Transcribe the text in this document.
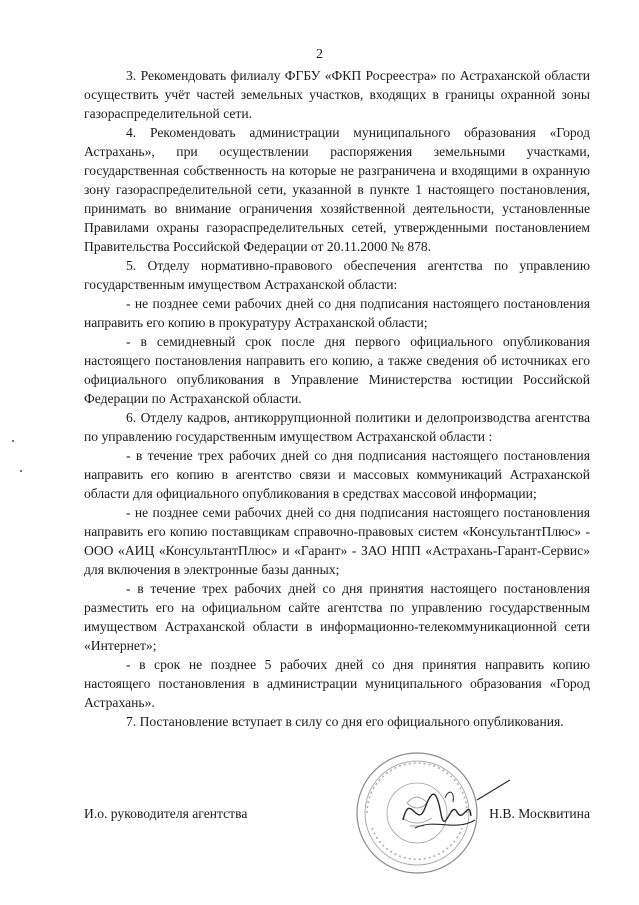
2

3. Рекомендовать филиалу ФГБУ «ФКП Росреестра» по Астраханской области осуществить учёт частей земельных участков, входящих в границы охранной зоны газораспределительной сети.

4. Рекомендовать администрации муниципального образования «Город Астрахань», при осуществлении распоряжения земельными участками, государственная собственность на которые не разграничена и входящими в охранную зону газораспределительной сети, указанной в пункте 1 настоящего постановления, принимать во внимание ограничения хозяйственной деятельности, установленные Правилами охраны газораспределительных сетей, утвержденными постановлением Правительства Российской Федерации от 20.11.2000 № 878.

5. Отделу нормативно-правового обеспечения агентства по управлению государственным имуществом Астраханской области:

- не позднее семи рабочих дней со дня подписания настоящего постановления направить его копию в прокуратуру Астраханской области;

- в семидневный срок после дня первого официального опубликования настоящего постановления направить его копию, а также сведения об источниках его официального опубликования в Управление Министерства юстиции Российской Федерации по Астраханской области.

6. Отделу кадров, антикоррупционной политики и делопроизводства агентства по управлению государственным имуществом Астраханской области :

- в течение трех рабочих дней со дня подписания настоящего постановления направить его копию в агентство связи и массовых коммуникаций Астраханской области для официального опубликования в средствах массовой информации;

- не позднее семи рабочих дней со дня подписания настоящего постановления направить его копию поставщикам справочно-правовых систем «КонсультантПлюс» - ООО «АИЦ «КонсультантПлюс» и «Гарант» - ЗАО НПП «Астрахань-Гарант-Сервис» для включения в электронные базы данных;

- в течение трех рабочих дней со дня принятия настоящего постановления разместить его на официальном сайте агентства по управлению государственным имуществом Астраханской области в информационно-телекоммуникационной сети «Интернет»;

- в срок не позднее 5 рабочих дней со дня принятия направить копию настоящего постановления в администрации муниципального образования «Город Астрахань».

7. Постановление вступает в силу со дня его официального опубликования.

И.о. руководителя агентства	Н.В. Москвитина
